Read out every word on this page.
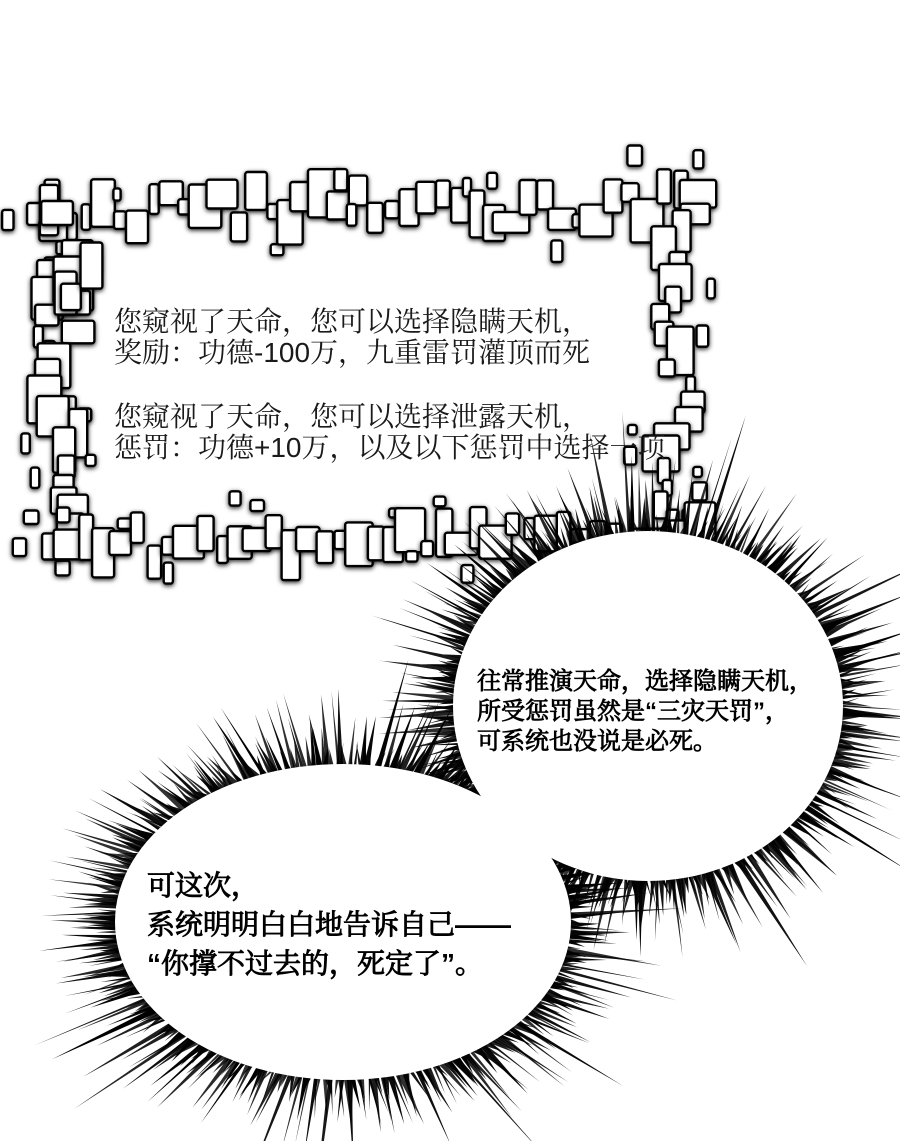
您窥视了天命，您可以选择隐瞒天机，
奖励：功德-100万，九重雷罚灌顶而死
您窥视了天命，您可以选择泄露天机，
惩罚：功德+10万，以及以下惩罚中选择一项
往常推演天命，选择隐瞒天机，
所受惩罚虽然是“三灾天罚”，
可系统也没说是必死。
可这次，
系统明明白白地告诉自己——
“你撑不过去的，死定了”。
